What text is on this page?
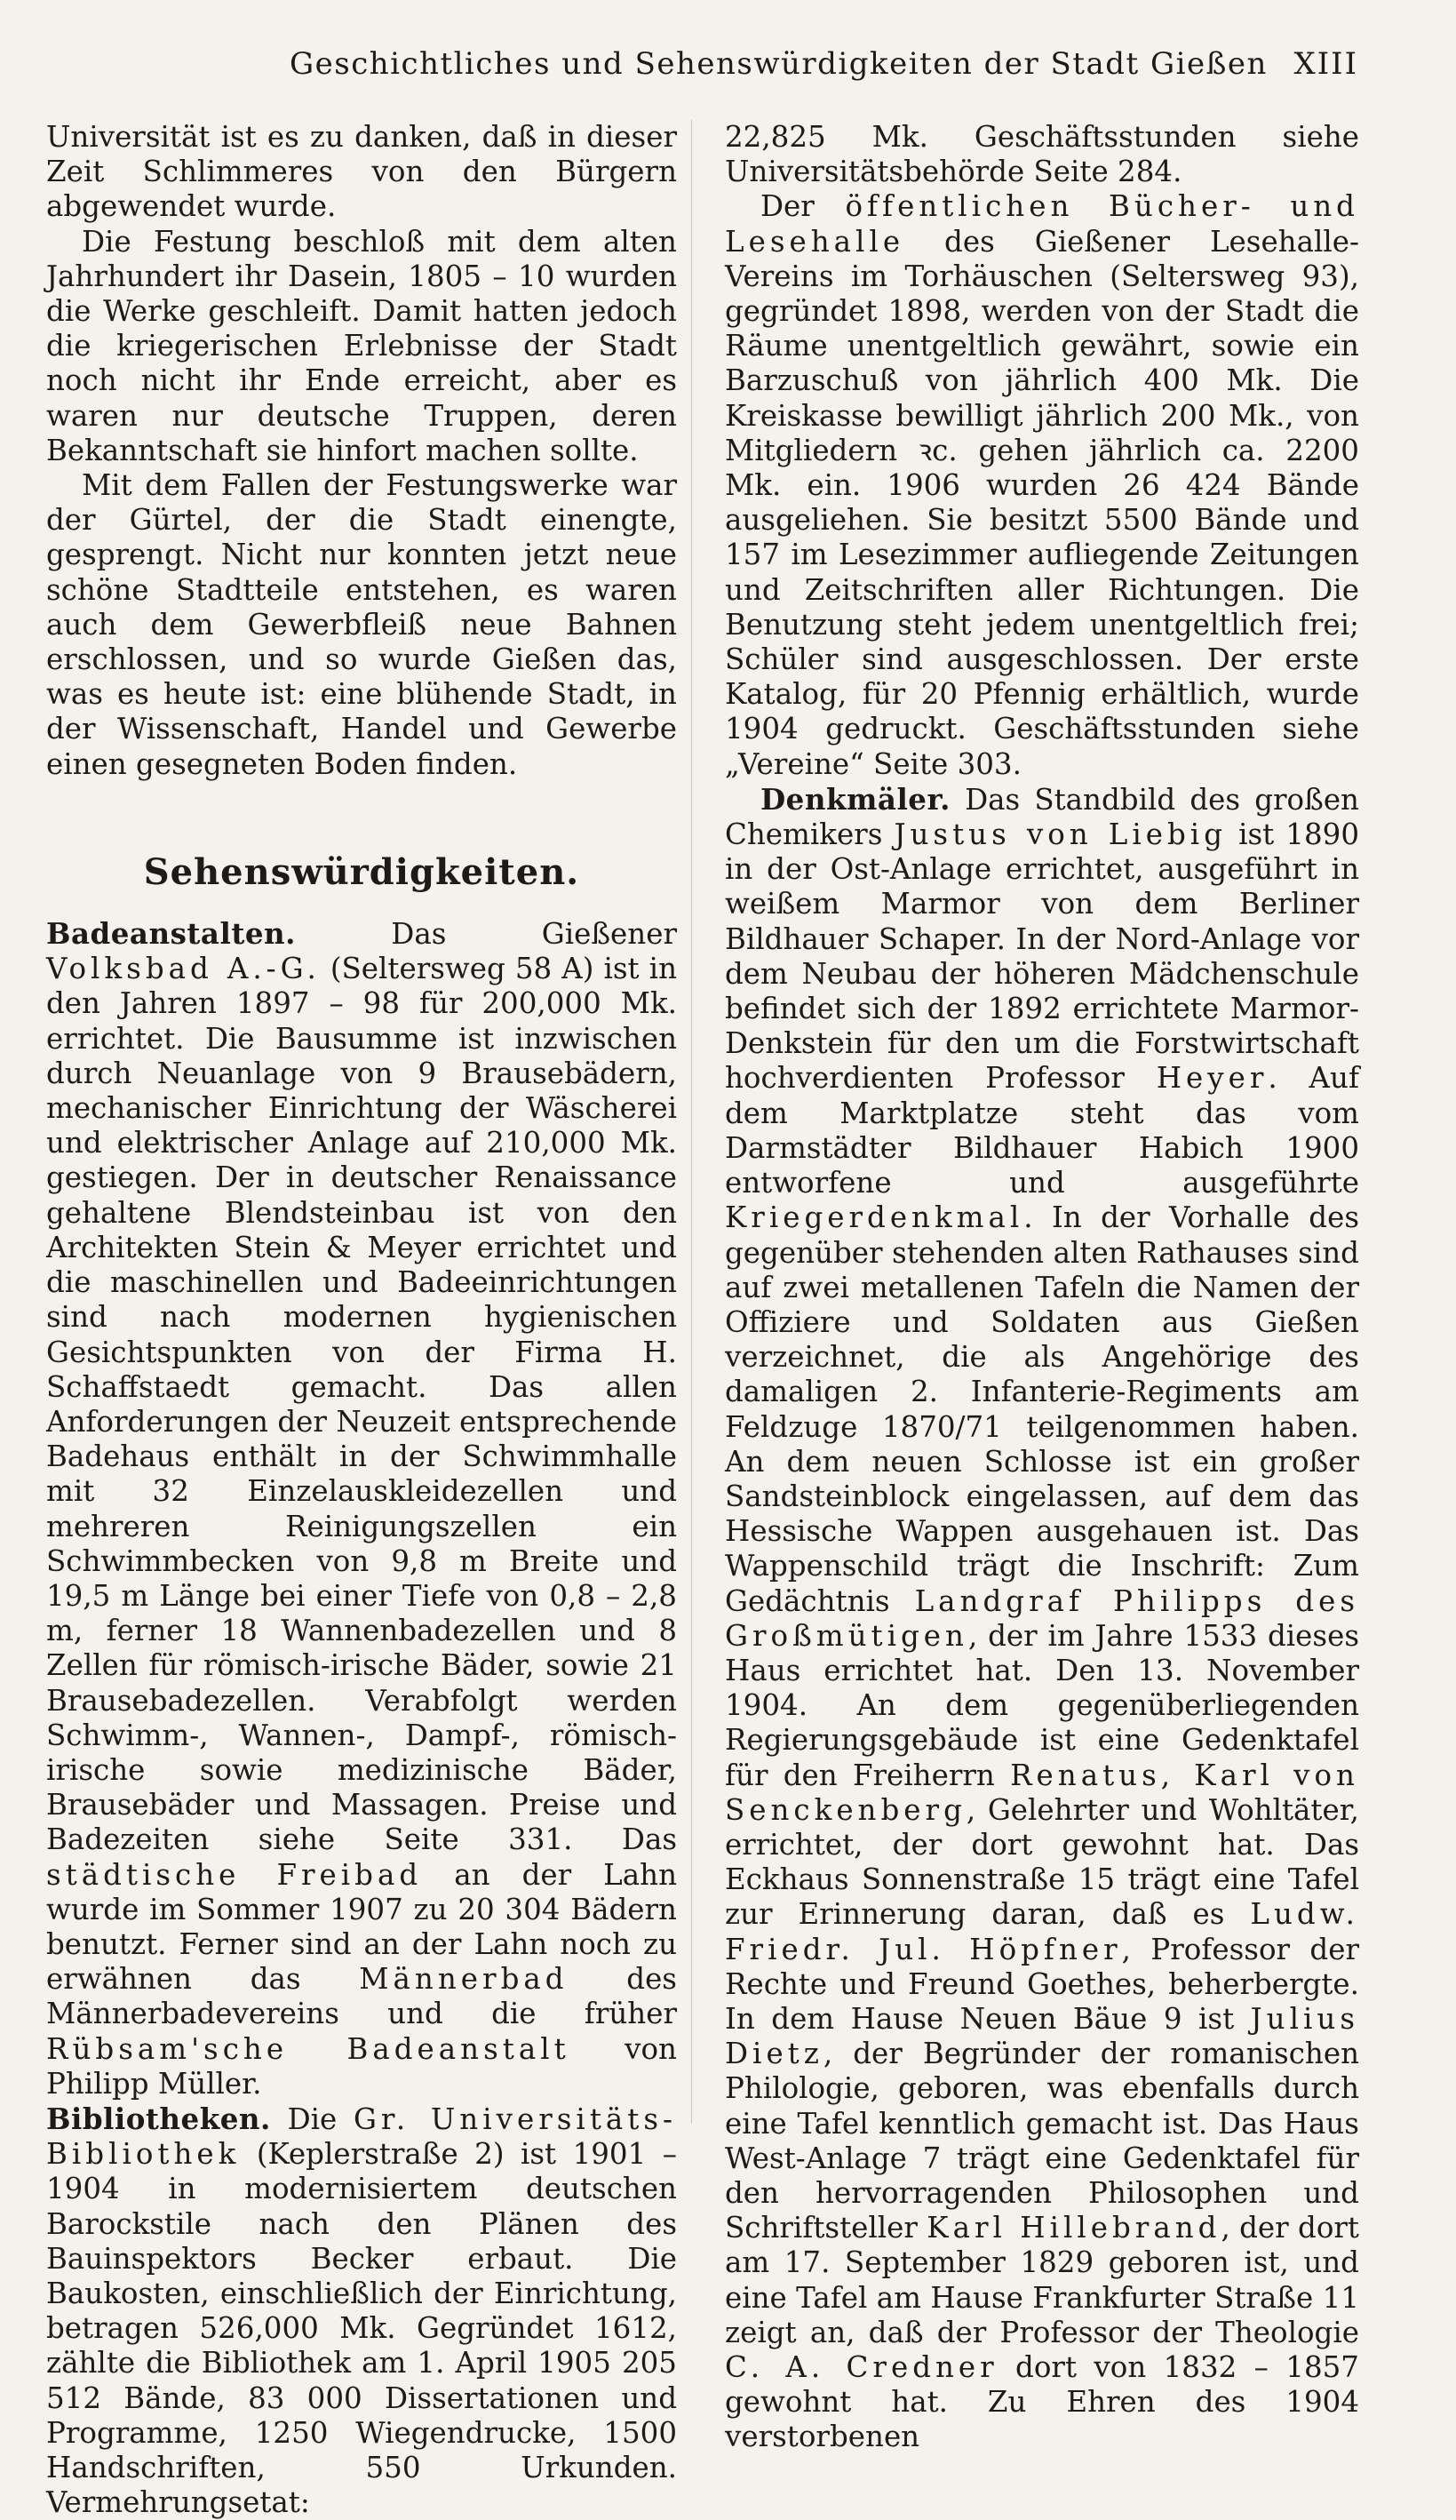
Geschichtliches und Sehenswürdigkeiten der Stadt Gießen XIII

Universität ist es zu danken, daß in dieser Zeit Schlimmeres von den Bürgern abgewendet wurde.

Die Festung beschloß mit dem alten Jahrhundert ihr Dasein, 1805 – 10 wurden die Werke geschleift. Damit hatten jedoch die kriegerischen Erlebnisse der Stadt noch nicht ihr Ende erreicht, aber es waren nur deutsche Truppen, deren Bekanntschaft sie hinfort machen sollte.

Mit dem Fallen der Festungswerke war der Gürtel, der die Stadt einengte, gesprengt. Nicht nur konnten jetzt neue schöne Stadtteile entstehen, es waren auch dem Gewerbfleiß neue Bahnen erschlossen, und so wurde Gießen das, was es heute ist: eine blühende Stadt, in der Wissenschaft, Handel und Gewerbe einen gesegneten Boden finden.

Sehenswürdigkeiten.

Badeanstalten. Das Gießener Volksbad A.-G. (Seltersweg 58 A) ist in den Jahren 1897 – 98 für 200,000 Mk. errichtet. Die Bausumme ist inzwischen durch Neuanlage von 9 Brausebädern, mechanischer Einrichtung der Wäscherei und elektrischer Anlage auf 210,000 Mk. gestiegen. Der in deutscher Renaissance gehaltene Blendsteinbau ist von den Architekten Stein & Meyer errichtet und die maschinellen und Badeeinrichtungen sind nach modernen hygienischen Gesichtspunkten von der Firma H. Schaffstaedt gemacht. Das allen Anforderungen der Neuzeit entsprechende Badehaus enthält in der Schwimmhalle mit 32 Einzelauskleidezellen und mehreren Reinigungszellen ein Schwimmbecken von 9,8 m Breite und 19,5 m Länge bei einer Tiefe von 0,8 – 2,8 m, ferner 18 Wannenbadezellen und 8 Zellen für römisch-irische Bäder, sowie 21 Brausebadezellen. Verabfolgt werden Schwimm-, Wannen-, Dampf-, römisch-irische sowie medizinische Bäder, Brausebäder und Massagen. Preise und Badezeiten siehe Seite 331. Das städtische Freibad an der Lahn wurde im Sommer 1907 zu 20 304 Bädern benutzt. Ferner sind an der Lahn noch zu erwähnen das Männerbad des Männerbadevereins und die früher Rübsam'sche Badeanstalt von Philipp Müller.

Bibliotheken. Die Gr. Universitäts-Bibliothek (Keplerstraße 2) ist 1901 – 1904 in modernisiertem deutschen Barockstile nach den Plänen des Bauinspektors Becker erbaut. Die Baukosten, einschließlich der Einrichtung, betragen 526,000 Mk. Gegründet 1612, zählte die Bibliothek am 1. April 1905 205 512 Bände, 83 000 Dissertationen und Programme, 1250 Wiegendrucke, 1500 Handschriften, 550 Urkunden. Vermehrungsetat:

22,825 Mk. Geschäftsstunden siehe Universitätsbehörde Seite 284.

Der öffentlichen Bücher- und Lesehalle des Gießener Lesehalle-Vereins im Torhäuschen (Seltersweg 93), gegründet 1898, werden von der Stadt die Räume unentgeltlich gewährt, sowie ein Barzuschuß von jährlich 400 Mk. Die Kreiskasse bewilligt jährlich 200 Mk., von Mitgliedern ꝛc. gehen jährlich ca. 2200 Mk. ein. 1906 wurden 26 424 Bände ausgeliehen. Sie besitzt 5500 Bände und 157 im Lesezimmer aufliegende Zeitungen und Zeitschriften aller Richtungen. Die Benutzung steht jedem unentgeltlich frei; Schüler sind ausgeschlossen. Der erste Katalog, für 20 Pfennig erhältlich, wurde 1904 gedruckt. Geschäftsstunden siehe „Vereine“ Seite 303.

Denkmäler. Das Standbild des großen Chemikers Justus von Liebig ist 1890 in der Ost-Anlage errichtet, ausgeführt in weißem Marmor von dem Berliner Bildhauer Schaper. In der Nord-Anlage vor dem Neubau der höheren Mädchenschule befindet sich der 1892 errichtete Marmor-Denkstein für den um die Forstwirtschaft hochverdienten Professor Heyer. Auf dem Marktplatze steht das vom Darmstädter Bildhauer Habich 1900 entworfene und ausgeführte Kriegerdenkmal. In der Vorhalle des gegenüber stehenden alten Rathauses sind auf zwei metallenen Tafeln die Namen der Offiziere und Soldaten aus Gießen verzeichnet, die als Angehörige des damaligen 2. Infanterie-Regiments am Feldzuge 1870/71 teilgenommen haben. An dem neuen Schlosse ist ein großer Sandsteinblock eingelassen, auf dem das Hessische Wappen ausgehauen ist. Das Wappenschild trägt die Inschrift: Zum Gedächtnis Landgraf Philipps des Großmütigen, der im Jahre 1533 dieses Haus errichtet hat. Den 13. November 1904. An dem gegenüberliegenden Regierungsgebäude ist eine Gedenktafel für den Freiherrn Renatus, Karl von Senckenberg, Gelehrter und Wohltäter, errichtet, der dort gewohnt hat. Das Eckhaus Sonnenstraße 15 trägt eine Tafel zur Erinnerung daran, daß es Ludw. Friedr. Jul. Höpfner, Professor der Rechte und Freund Goethes, beherbergte. In dem Hause Neuen Bäue 9 ist Julius Dietz, der Begründer der romanischen Philologie, geboren, was ebenfalls durch eine Tafel kenntlich gemacht ist. Das Haus West-Anlage 7 trägt eine Gedenktafel für den hervorragenden Philosophen und Schriftsteller Karl Hillebrand, der dort am 17. September 1829 geboren ist, und eine Tafel am Hause Frankfurter Straße 11 zeigt an, daß der Professor der Theologie C. A. Credner dort von 1832 – 1857 gewohnt hat. Zu Ehren des 1904 verstorbenen
